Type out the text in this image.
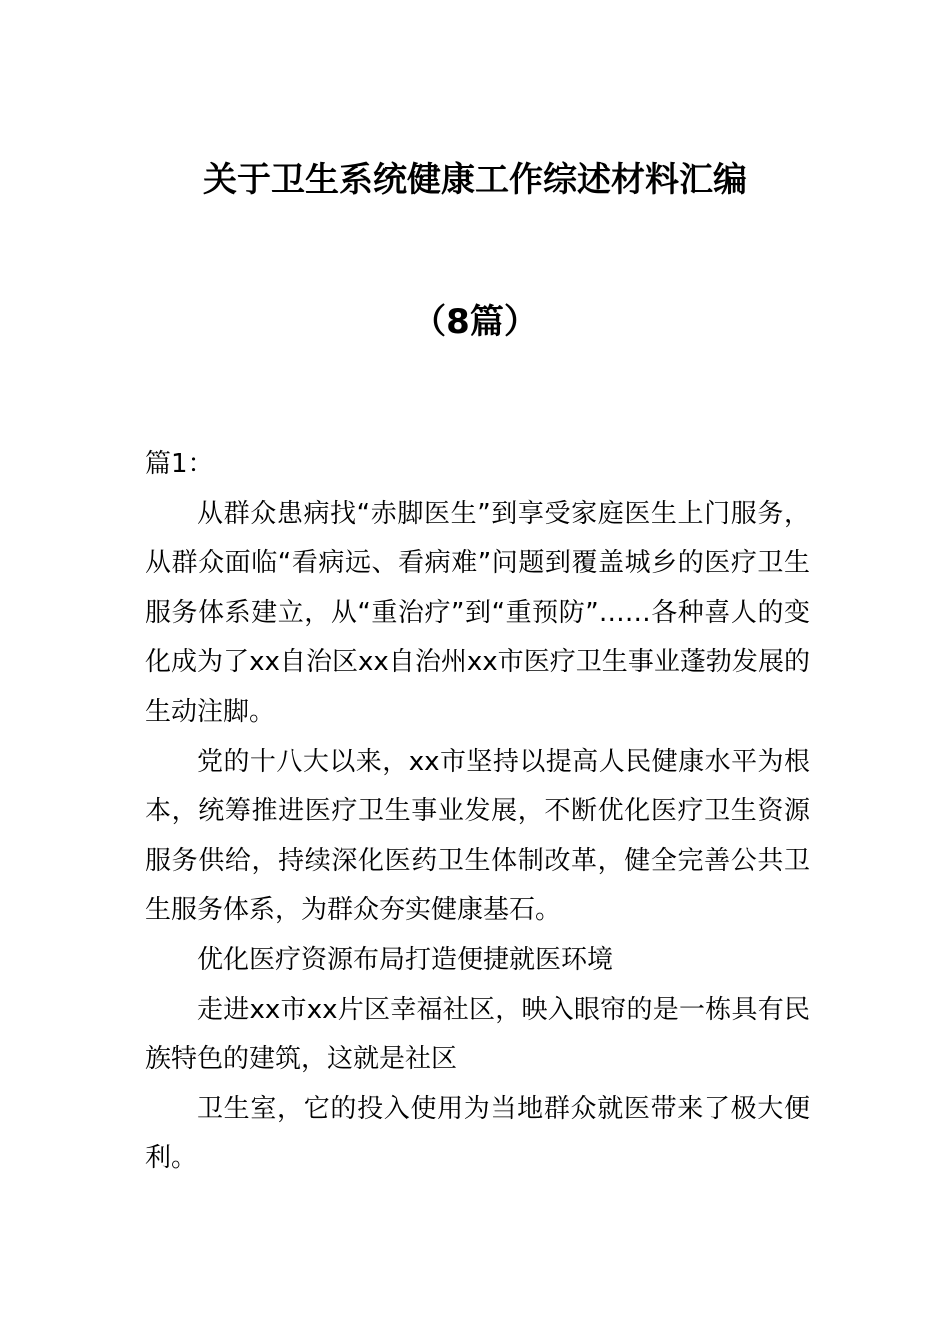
关于卫生系统健康工作综述材料汇编
（8篇）

篇1：

从群众患病找“赤脚医生”到享受家庭医生上门服务，从群众面临“看病远、看病难”问题到覆盖城乡的医疗卫生服务体系建立，从“重治疗”到“重预防”……各种喜人的变化成为了xx自治区xx自治州xx市医疗卫生事业蓬勃发展的生动注脚。

党的十八大以来，xx市坚持以提高人民健康水平为根本，统筹推进医疗卫生事业发展，不断优化医疗卫生资源服务供给，持续深化医药卫生体制改革，健全完善公共卫生服务体系，为群众夯实健康基石。

优化医疗资源布局打造便捷就医环境

走进xx市xx片区幸福社区，映入眼帘的是一栋具有民族特色的建筑，这就是社区

卫生室，它的投入使用为当地群众就医带来了极大便利。
